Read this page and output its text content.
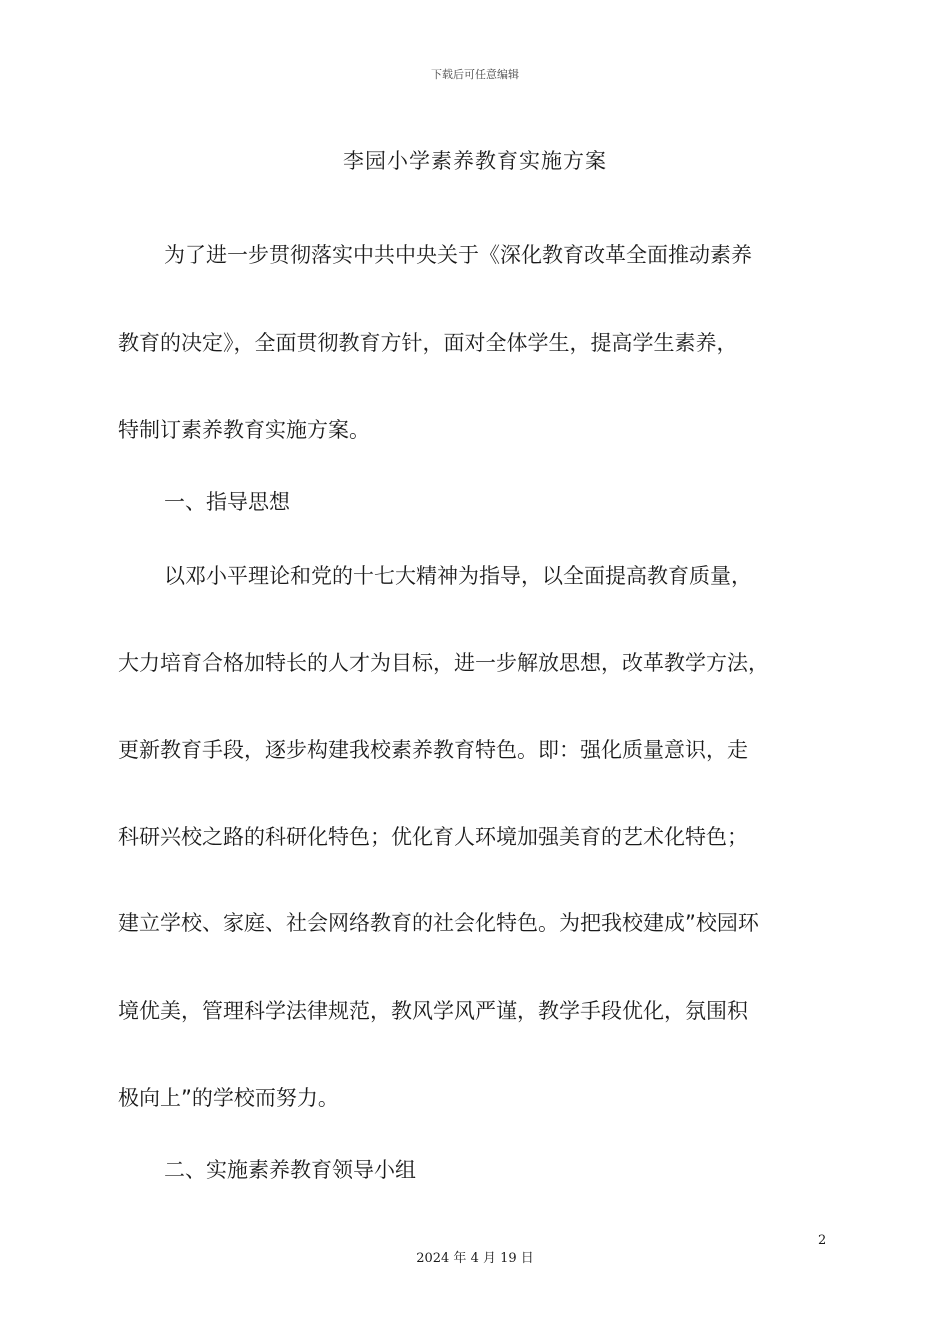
下载后可任意编辑
李园小学素养教育实施方案
为了进一步贯彻落实中共中央关于《深化教育改革全面推动素养
教育的决定》，全面贯彻教育方针，面对全体学生，提高学生素养，
特制订素养教育实施方案。
一、指导思想
以邓小平理论和党的十七大精神为指导，以全面提高教育质量，
大力培育合格加特长的人才为目标，进一步解放思想，改革教学方法，
更新教育手段，逐步构建我校素养教育特色。即：强化质量意识，走
科研兴校之路的科研化特色；优化育人环境加强美育的艺术化特色；
建立学校、家庭、社会网络教育的社会化特色。为把我校建成”校园环
境优美，管理科学法律规范，教风学风严谨，教学手段优化，氛围积
极向上”的学校而努力。
二、实施素养教育领导小组
2
2024 年 4 月 19 日
